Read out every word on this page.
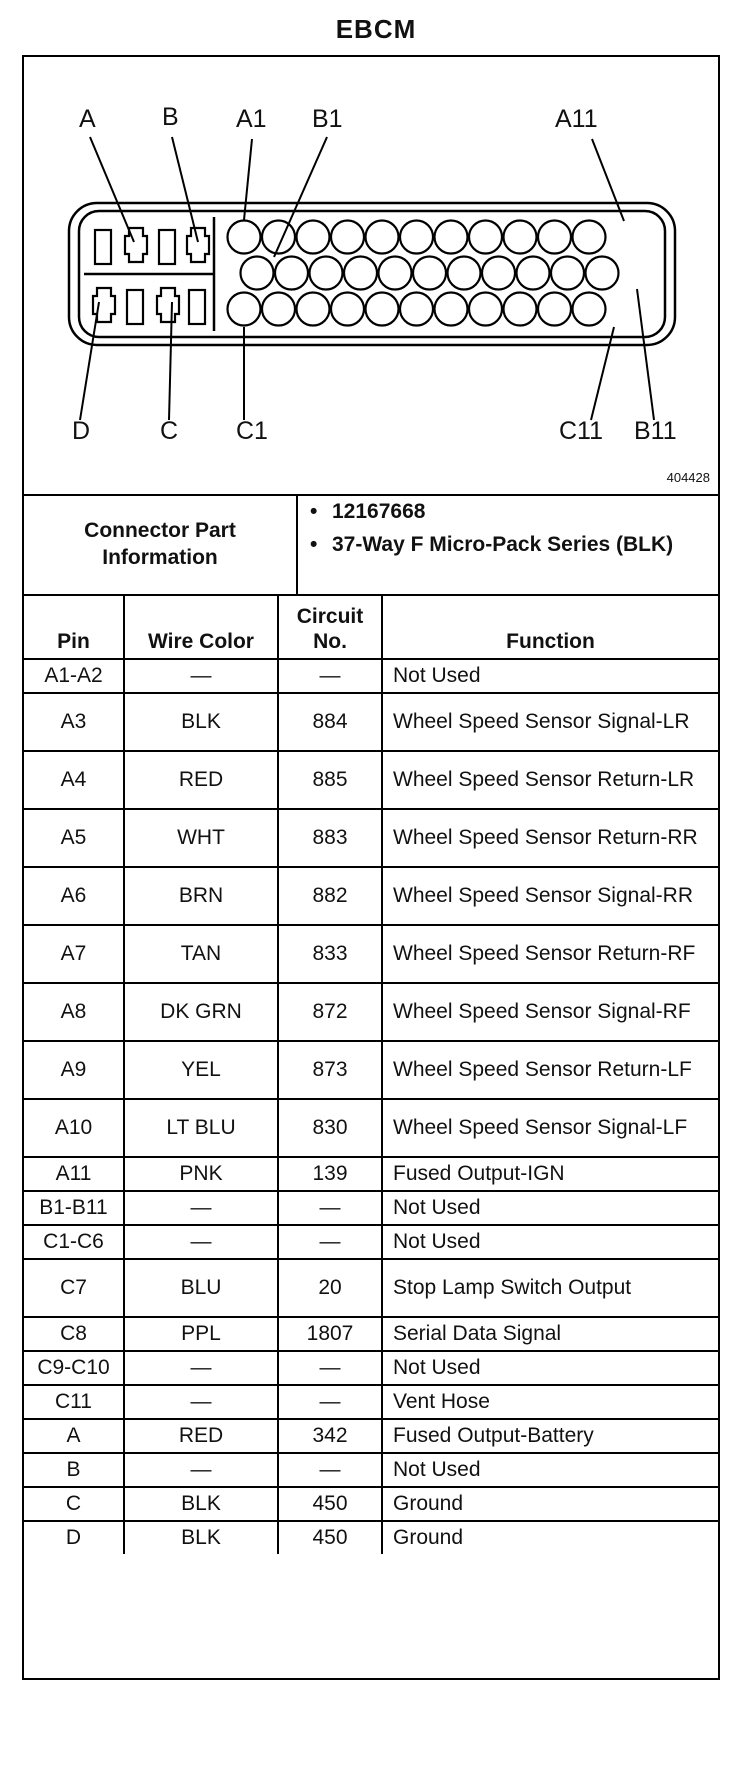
EBCM
A	B A1 B1	A11
D	C C1	C11 B11
404428
Connector Part Information
• 12167668
• 37-Way F Micro-Pack Series (BLK)
Pin	Wire Color	Circuit No.	Function
A1-A2	—	—	Not Used
A3	BLK	884	Wheel Speed Sensor Signal-LR
A4	RED	885	Wheel Speed Sensor Return-LR
A5	WHT	883	Wheel Speed Sensor Return-RR
A6	BRN	882	Wheel Speed Sensor Signal-RR
A7	TAN	833	Wheel Speed Sensor Return-RF
A8	DK GRN	872	Wheel Speed Sensor Signal-RF
A9	YEL	873	Wheel Speed Sensor Return-LF
A10	LT BLU	830	Wheel Speed Sensor Signal-LF
A11	PNK	139	Fused Output-IGN
B1-B11	—	—	Not Used
C1-C6	—	—	Not Used
C7	BLU	20	Stop Lamp Switch Output
C8	PPL	1807	Serial Data Signal
C9-C10	—	—	Not Used
C11	—	—	Vent Hose
A	RED	342	Fused Output-Battery
B	—	—	Not Used
C	BLK	450	Ground
D	BLK	450	Ground
